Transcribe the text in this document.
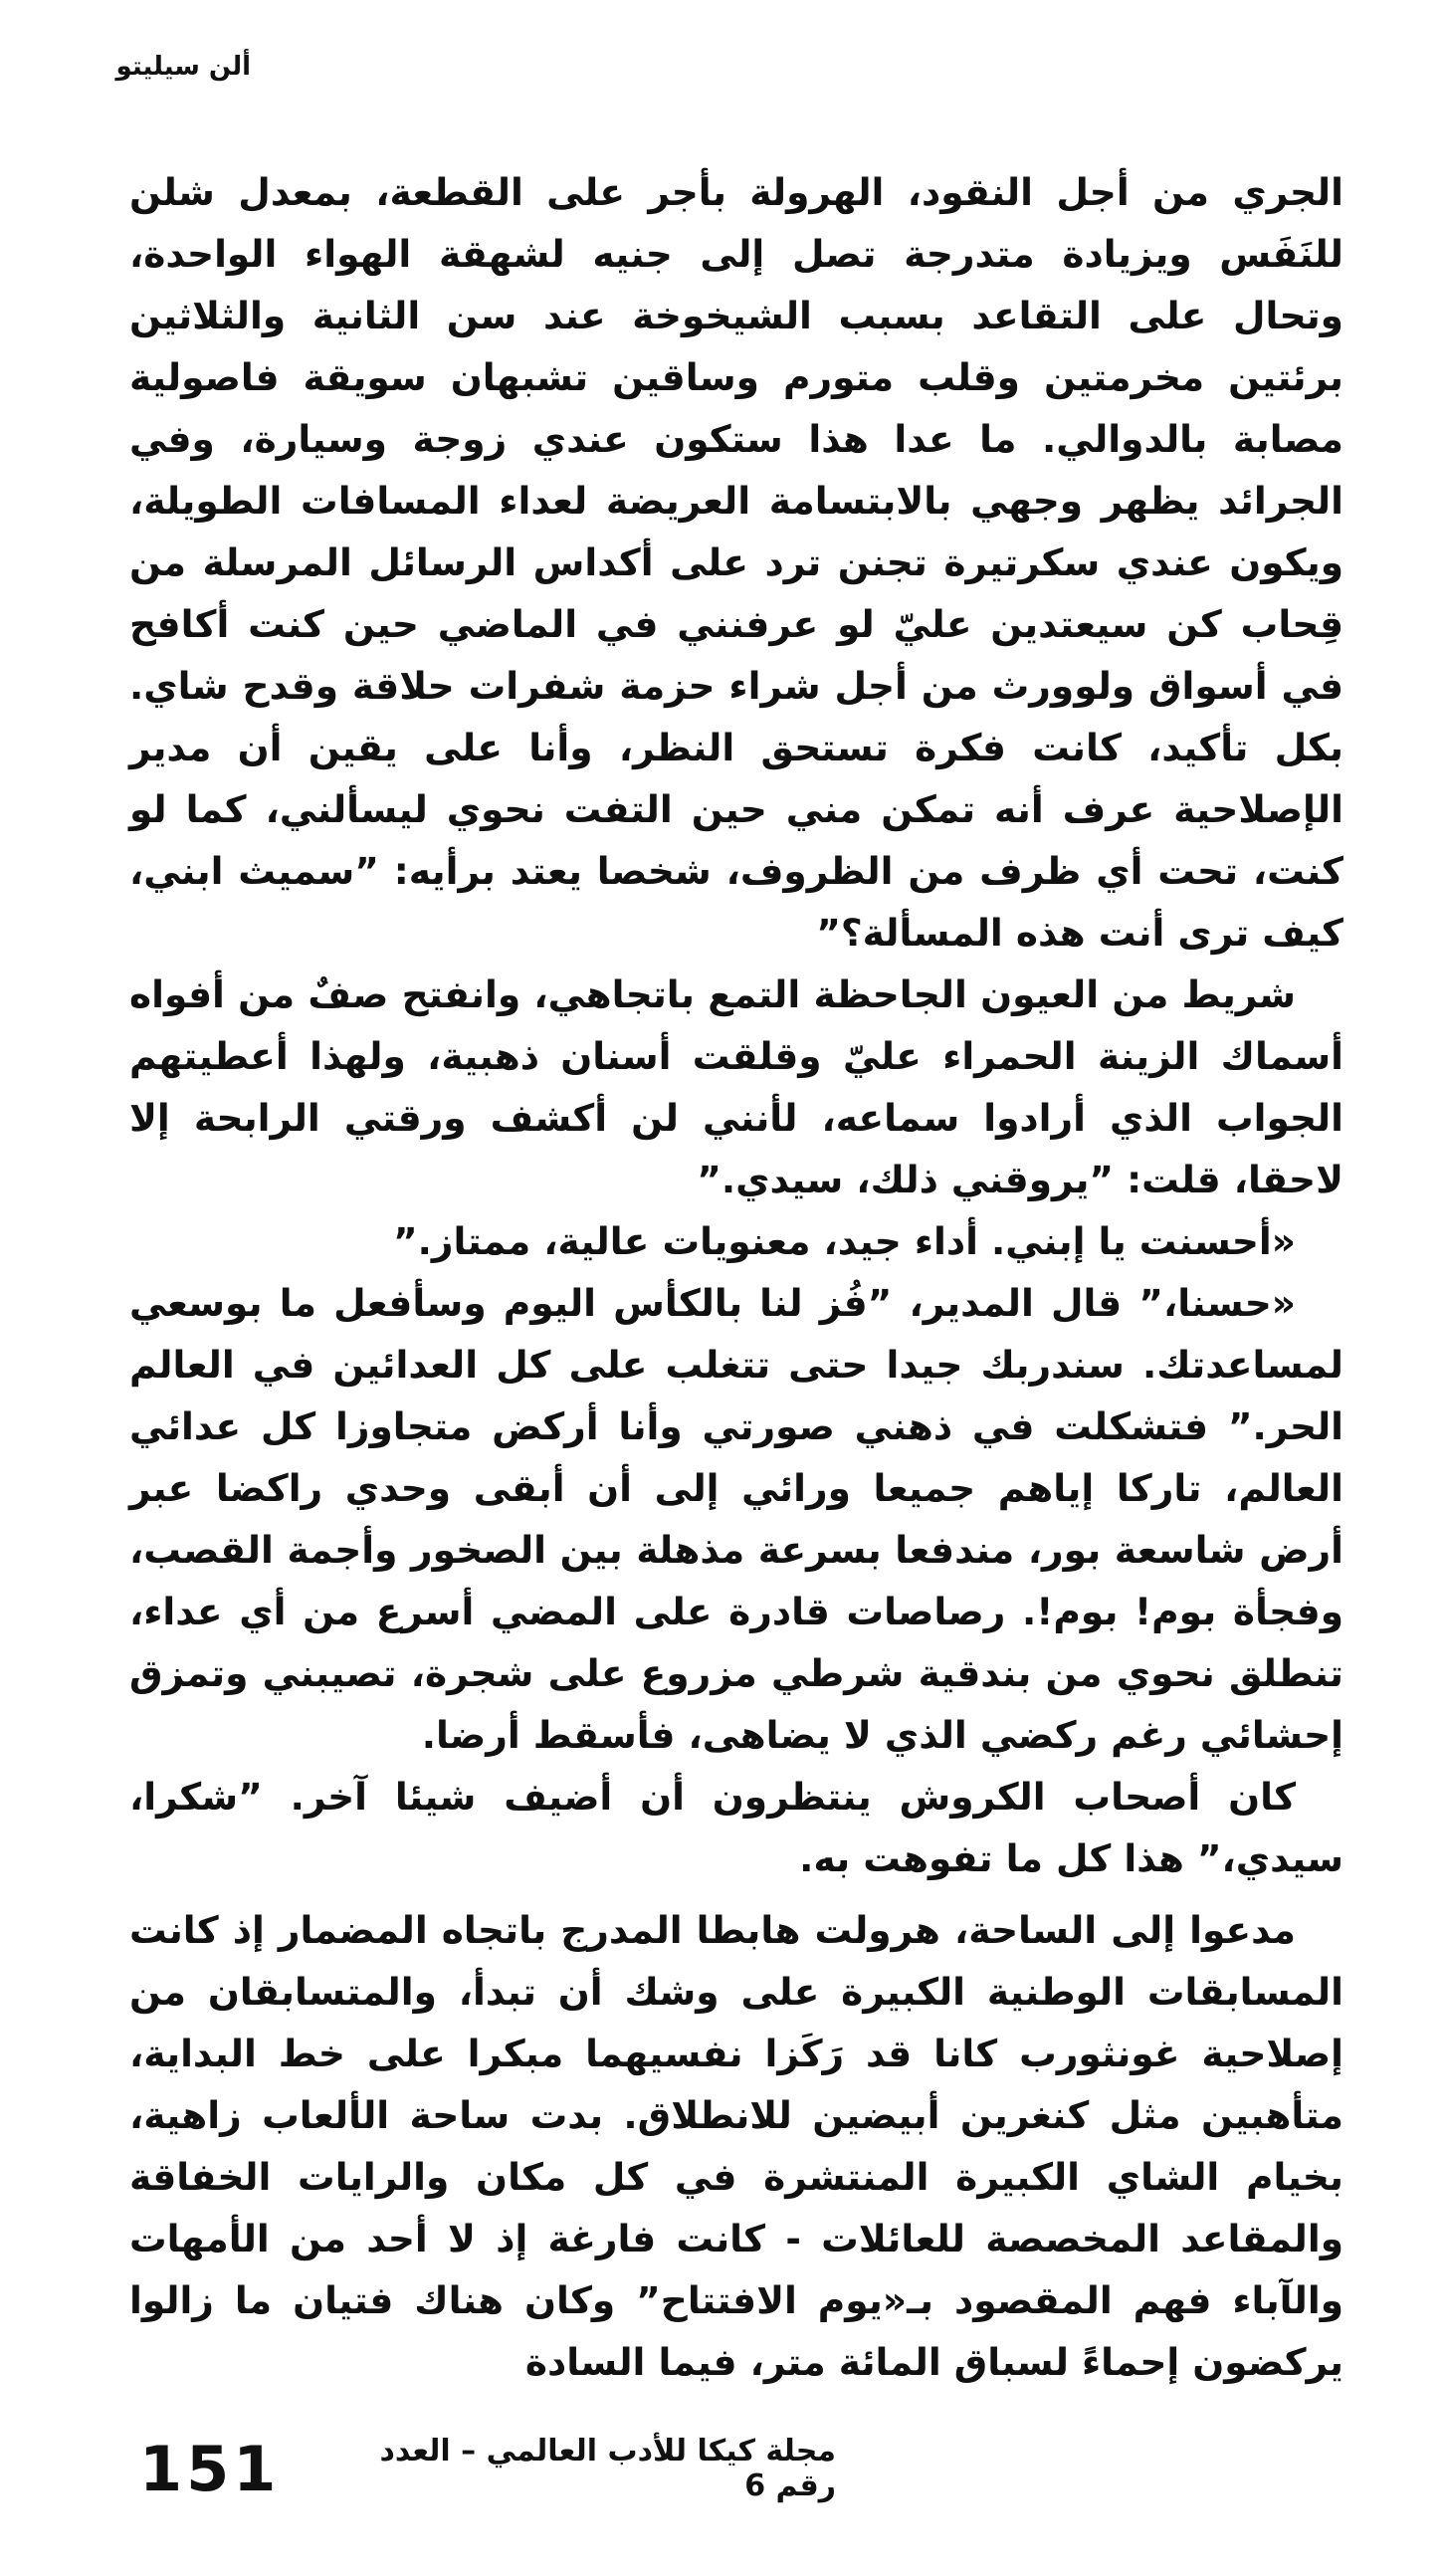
ألن سيليتو

الجري من أجل النقود، الهرولة بأجر على القطعة، بمعدل شلن للنَفَس ويزيادة متدرجة تصل إلى جنيه لشهقة الهواء الواحدة، وتحال على التقاعد بسبب الشيخوخة عند سن الثانية والثلاثين برئتين مخرمتين وقلب متورم وساقين تشبهان سويقة فاصولية مصابة بالدوالي. ما عدا هذا ستكون عندي زوجة وسيارة، وفي الجرائد يظهر وجهي بالابتسامة العريضة لعداء المسافات الطويلة، ويكون عندي سكرتيرة تجنن ترد على أكداس الرسائل المرسلة من قِحاب كن سيعتدين عليّ لو عرفنني في الماضي حين كنت أكافح في أسواق ولوورث من أجل شراء حزمة شفرات حلاقة وقدح شاي. بكل تأكيد، كانت فكرة تستحق النظر، وأنا على يقين أن مدير الإصلاحية عرف أنه تمكن مني حين التفت نحوي ليسألني، كما لو كنت، تحت أي ظرف من الظروف، شخصا يعتد برأيه: ”سميث ابني، كيف ترى أنت هذه المسألة؟”

شريط من العيون الجاحظة التمع باتجاهي، وانفتح صفٌ من أفواه أسماك الزينة الحمراء عليّ وقلقت أسنان ذهبية، ولهذا أعطيتهم الجواب الذي أرادوا سماعه، لأنني لن أكشف ورقتي الرابحة إلا لاحقا، قلت: ”يروقني ذلك، سيدي.”

«أحسنت يا إبني. أداء جيد، معنويات عالية، ممتاز.”

«حسنا،” قال المدير، ”فُز لنا بالكأس اليوم وسأفعل ما بوسعي لمساعدتك. سندربك جيدا حتى تتغلب على كل العدائين في العالم الحر.” فتشكلت في ذهني صورتي وأنا أركض متجاوزا كل عدائي العالم، تاركا إياهم جميعا ورائي إلى أن أبقى وحدي راكضا عبر أرض شاسعة بور، مندفعا بسرعة مذهلة بين الصخور وأجمة القصب، وفجأة بوم! بوم!. رصاصات قادرة على المضي أسرع من أي عداء، تنطلق نحوي من بندقية شرطي مزروع على شجرة، تصيبني وتمزق إحشائي رغم ركضي الذي لا يضاهى، فأسقط أرضا.

كان أصحاب الكروش ينتظرون أن أضيف شيئا آخر. ”شكرا، سيدي،” هذا كل ما تفوهت به.

مدعوا إلى الساحة، هرولت هابطا المدرج باتجاه المضمار إذ كانت المسابقات الوطنية الكبيرة على وشك أن تبدأ، والمتسابقان من إصلاحية غونثورب كانا قد رَكَزا نفسيهما مبكرا على خط البداية، متأهبين مثل كنغرين أبيضين للانطلاق. بدت ساحة الألعاب زاهية، بخيام الشاي الكبيرة المنتشرة في كل مكان والرايات الخفاقة والمقاعد المخصصة للعائلات - كانت فارغة إذ لا أحد من الأمهات والآباء فهم المقصود بـ«يوم الافتتاح” وكان هناك فتيان ما زالوا يركضون إحماءً لسباق المائة متر، فيما السادة

151	مجلة كيكا للأدب العالمي – العدد رقم 6
